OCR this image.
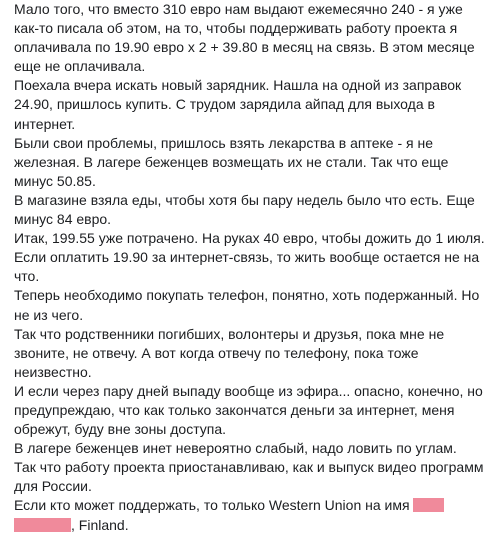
Мало того, что вместо 310 евро нам выдают ежемесячно 240 - я уже
как-то писала об этом, на то, чтобы поддерживать работу проекта я
оплачивала по 19.90 евро х 2 + 39.80 в месяц на связь. В этом месяце
еще не оплачивала.

Поехала вчера искать новый зарядник. Нашла на одной из заправок
24.90, пришлось купить. С трудом зарядила айпад для выхода в
интернет.

Были свои проблемы, пришлось взять лекарства в аптеке - я не
железная. В лагере беженцев возмещать их не стали. Так что еще
минус 50.85.

В магазине взяла еды, чтобы хотя бы пару недель было что есть. Еще
минус 84 евро.

Итак, 199.55 уже потрачено. На руках 40 евро, чтобы дожить до 1 июля.
Если оплатить 19.90 за интернет-связь, то жить вообще остается не на
что.

Теперь необходимо покупать телефон, понятно, хоть подержанный. Но
не из чего.

Так что родственники погибших, волонтеры и друзья, пока мне не
звоните, не отвечу. А вот когда отвечу по телефону, пока тоже
неизвестно.

И если через пару дней выпаду вообще из эфира... опасно, конечно, но
предупреждаю, что как только закончатся деньги за интернет, меня
обрежут, буду вне зоны доступа.

В лагере беженцев инет невероятно слабый, надо ловить по углам.

Так что работу проекта приостанавливаю, как и выпуск видео программ
для России.

Если кто может поддержать, то только Western Union на имя
, Finland.
